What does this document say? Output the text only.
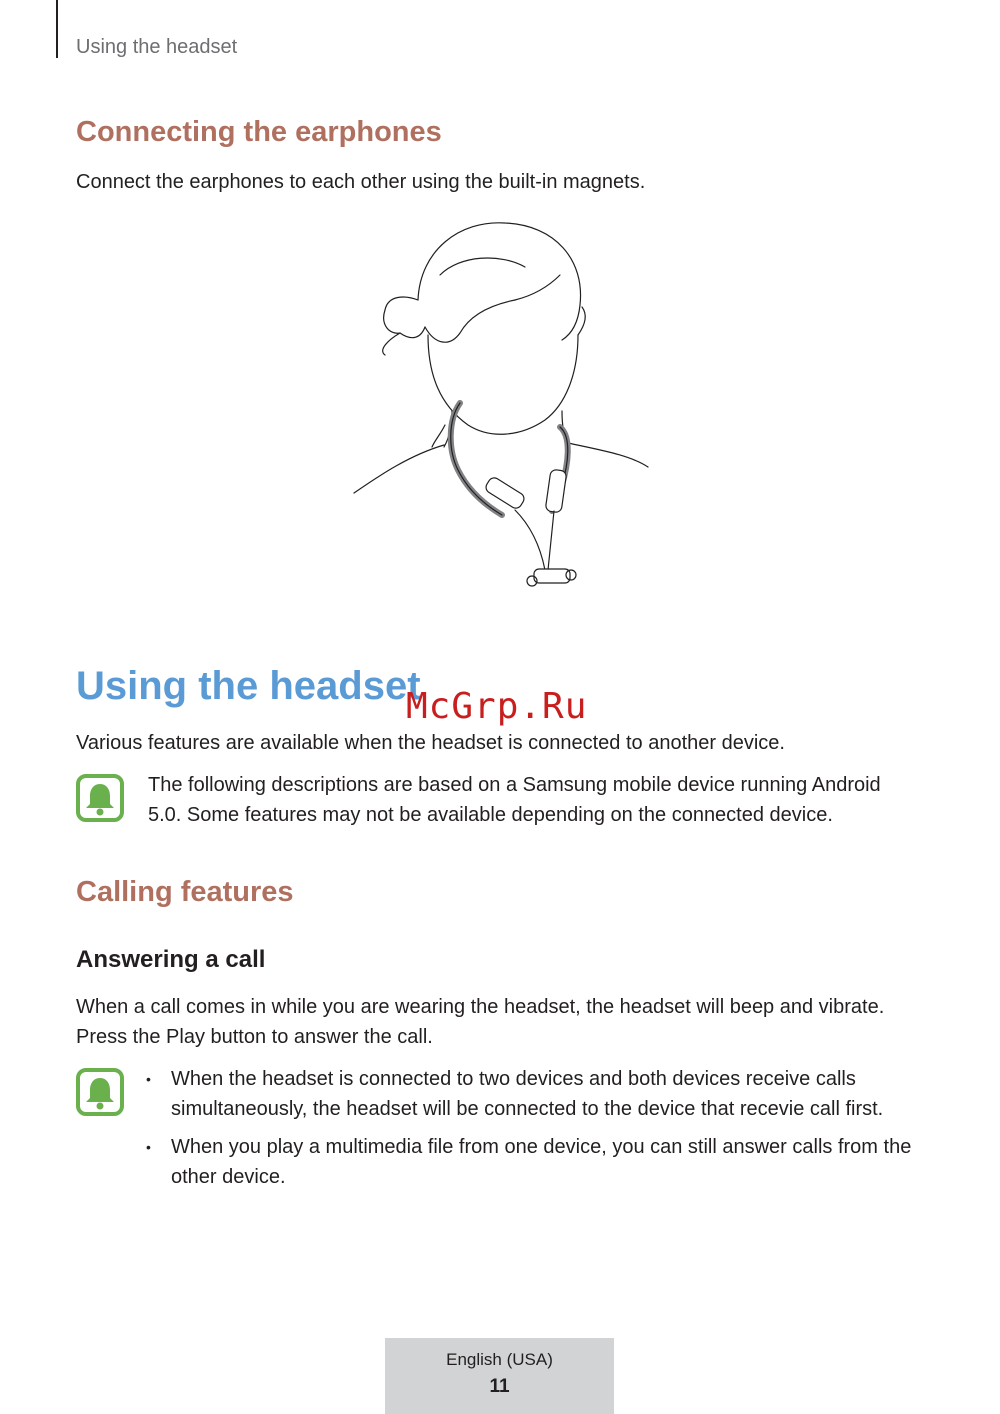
Using the headset
Connecting the earphones

Connect the earphones to each other using the built-in magnets.

Using the headset
McGrp.Ru

Various features are available when the headset is connected to another device.

The following descriptions are based on a Samsung mobile device running Android 5.0. Some features may not be available depending on the connected device.

Calling features
Answering a call

When a call comes in while you are wearing the headset, the headset will beep and vibrate. Press the Play button to answer the call.

• When the headset is connected to two devices and both devices receive calls simultaneously, the headset will be connected to the device that recevie call first.
• When you play a multimedia file from one device, you can still answer calls from the other device.
English (USA)
11
